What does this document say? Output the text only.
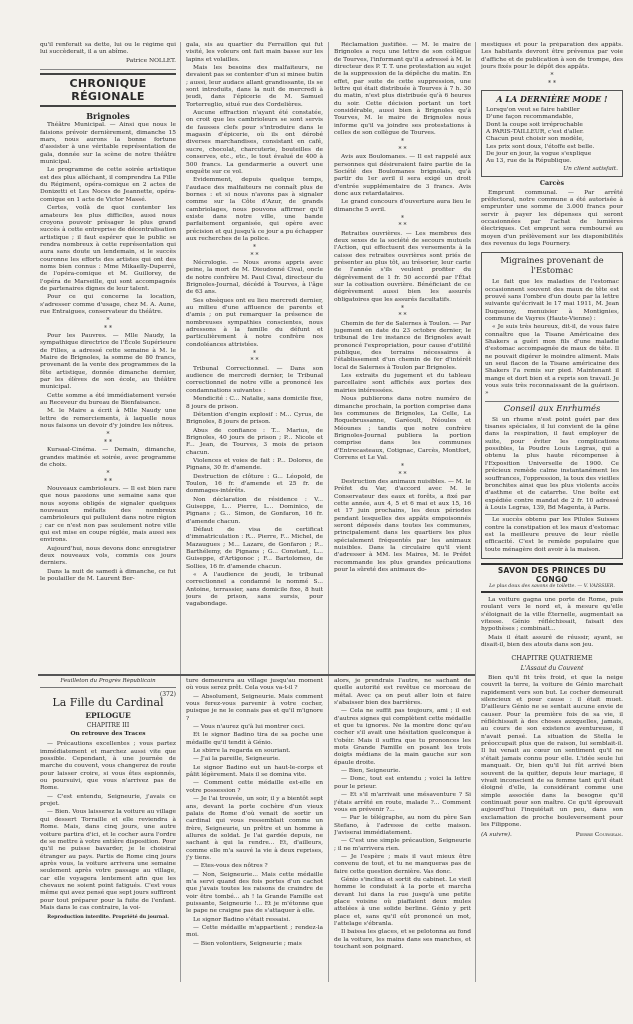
qu'il renferait sa dette, lui ou le régime qui lui succèderait, il a un abîme.

Patrice NOLLET.

CHRONIQUE RÉGIONALE
Brignoles

Théâtre Municipal. — Ainsi que nous le faisions prévoir dernièrement, dimanche 15 mars, nous aurons la bonne fortune d'assister à une véritable représentation de gala, donnée sur la scène de notre théâtre municipal.

Le programme de cette soirée artistique est des plus alléchant, il comprendra La Fille du Régiment, opéra-comique en 2 actes de Donizetti et Les Noces de Jeannette, opéra-comique en 1 acte de Victor Massé.

Certes, voilà de quoi contenter les amateurs les plus difficiles, aussi nous croyons pouvoir présager le plus grand succès à cette entreprise de décentralisation artistique ; il faut espérer que le public se rendra nombreux à cette représentation qui aura sans doute un lendemain, si le succès couronne les efforts des artistes qui ont des noms bien connus : Mme Mikaelly-Duperré, de l'opéra-comique et M. Guillorey, de l'opéra de Marseille, qui sont accompagnés de partenaires dignes de leur talent.

Pour ce qui concerne la location, s'adresser comme d'usage, chez M. A. Aune, rue Entraigues, conservateur du théâtre.

*
* *

Pour les Pauvres. — Mlle Naudy, la sympathique directrice de l'École Supérieure de Filles, a adressé cette semaine à M. le Maire de Brignoles, la somme de 80 francs, provenant de la vente des programmes de la fête artistique, donnée dimanche dernier, par les élèves de son école, au théâtre municipal.

Cette somme a été immédiatement versée au Receveur du bureau de Bienfaisance.

M. le Maire a écrit à Mlle Naudy une lettre de remerciements, à laquelle nous nous faisons un devoir d'y joindre les nôtres.

*
* *

Kursaal-Cinéma. — Demain, dimanche, grandes matinée et soirée, avec programme de choix.

*
* *

Nouveaux cambrioleurs. — Il est bien rare que nous passions une semaine sans que nous soyons obligés de signaler quelques nouveaux méfaits des nombreux cambrioleurs qui pullulent dans notre région ; car ce n'est non pas seulement notre ville qui est mise en coupe réglée, mais aussi ses environs.

Aujourd'hui, nous devons donc enregistrer deux nouveaux vols, commis ces jours derniers.

Dans la nuit de samedi à dimanche, ce fut le poulailler de M. Laurent Ber-

gala, sis au quartier du Ferraillon qui fut visité, les voleurs ont fait main basse sur les lapins et volailles.

Mais les besoins des malfaiteurs, ne devaient pas se contenter d'un si minee butin ; aussi, leur audace allant grandissante, ils se sont introduits, dans la nuit de mercredi à jeudi, dans l'épicerie de M. Samuel Torterreglio, situé rue des Cordelières.

Aucune effraction n'ayant été constatée, on croit que les cambrioleurs se sont servis de fausses clefs pour s'introduire dans le magasin d'épicerie, où ils ont dérobé diverses marchandises, consistant en café, sucre, chocolat, charcuterie, bouteilles de conserves, etc., etc., le tout évalué de 400 à 500 francs. La gendarmerie a ouvert une enquête sur ce vol.

Evidemment, depuis quelque temps, l'audace des malfaiteurs ne connaît plus de bornes : et si nous n'avons pas à signaler comme sur la Côte d'Azur, de grands cambriolages, nous pouvons affirmer qu'il existe dans notre ville, une bande parfaitement organisée, qui opère avec précision et qui jusqu'à ce jour a pu échapper aux recherches de la police.

*
* *

Nécrologie. — Nous avons appris avec peine, la mort de M. Dieudonné Cival, oncle de notre confrère M. Paul Cival, directeur du Brignoles-Journal, décédé à Tourves, à l'âge de 63 ans.

Ses obsèques ont eu lieu mercredi dernier, au milieu d'une affluence de parents et d'amis ; on put remarquer la présence de nombreuses sympathies conscientes, nous adressons à la famille du défunt et particulièrement à notre confrère nos condoléances attristées.

*
* *

Tribunal Correctionnel. — Dans son audience de mercredi dernier, le Tribunal correctionnel de notre ville a prononcé les condamnations suivantes :

Mendicité : C... Natalie, sans domicile fixe, 8 jours de prison.

Détention d'engin explosif : M... Cyrus, de Brignoles, 8 jours de prison.

Abus de confiance : T... Marius, de Brignoles, 40 jours de prison ; P... Nicole et F... Jean, de Tourves, 3 mois de prison chacun.

Violences et voies de fait : P... Dolores, de Pignans, 30 fr. d'amende.

Destruction de clôture : G... Léopold, de Toulon, 16 fr. d'amende et 25 fr. de dommages-intérêts.

Non déclaration de résidence : V... Guiseppe, L... Pierre, L... Dominico, de Pignans ; G... Simon, de Gonfaron, 16 fr. d'amende chacun.

Défaut de visa de certificat d'immatriculation : R... Pierre, F... Michel, de Mazaugues ; M... Lazare, de Gonfaron ; P... Barthélemy, de Pignans ; G... Constant, L... Guiseppe, d'Artigonoc ; F... Bartolomeo, de Sollies, 16 fr. d'amende chacun.

« A l'audience de jeudi, le tribunal correctionnel a condamné le nommé S... Antoine, terrassier, sans domicile fixe, 8 huit jours de prison, sans sursis, pour vagabondage.

Réclamation justifiée. — M. le maire de Brignoles a reçu une lettre de son collègue de Tourves, l'informant qu'il a adressé à M. le directeur des P. T. T. une protestation au sujet de la suppression de la dépêche du matin. En effet, par suite de cette suppression, une lettre qui était distribuée à Tourves à 7 h. 30 du matin, n'est plus distribuée qu'à 6 heures du soir. Cette décision portant un tort considérable, aussi bien à Brignoles qu'à Tourves, M. le maire de Brignoles nous informe qu'il va joindre ses protestations à celles de son collègue de Tourves.

*
* *

Avis aux Boulomanes. — Il est rappelé aux personnes qui désireraient faire partie de la Société des Boulomanes brignolais, qu'à partir du 1er avril il sera exigé un droit d'entrée supplémentaire de 3 francs. Avis donc aux retardataires.

Le grand concours d'ouverture aura lieu le dimanche 5 avril.

*
* *

Retraites ouvrières. — Les membres des deux sexes de la société de secours mutuels l'Action, qui effectuent des versements à la caisse des retraites ouvrières sont priés de présenter au plus tôt, au trésorier, leur carte de l'année s'ils veulent profiter du dégrèvement de 1 fr. 50 accordé par l'État sur la cotisation ouvrière. Bénéficiant de ce dégrèvement aussi bien les assurés obligatoires que les assurés facultatifs.

*
* *

Chemin de fer de Salernes à Toulon. — Par jugement en date du 23 octobre dernier, le tribunal de 1re instance de Brignoles avait prononcé l'expropriation, pour cause d'utilité publique, des terrains nécessaires à l'établissement d'un chemin de fer d'intérêt local de Salernes à Toulon par Brignoles.

Les extraits du jugement et du tableau parcellaire sont affichés aux portes des mairies intéressées.

Nous publierons dans notre numéro de dimanche prochain, la portion comprise dans les communes de Brignoles, La Celle, La Roquebrussanne, Garéoult, Néoules et Méounes ; tandis que notre confrère Brignoles-Journal publiera la portion comprise dans les communes d'Entrecasteaux, Cotignac, Carcès, Montfort, Correns et Le Val.

*
* *

Destruction des animaux nuisibles. — M. le Préfet du Var, d'accord avec M. le Conservateur des eaux et forêts, a fixé par cette année, aux 4, 5 et 6 mai et aux 15, 16 et 17 juin prochains, les deux périodes pendant lesquelles des appâts empoisonnés seront déposés dans toutes les communes, principalement dans les quartiers les plus spécialement fréquentés par les animaux nuisibles. Dans la circulaire qu'il vient d'adresser à MM. les Maires, M. le Préfet recommande les plus grandes précautions pour la sûreté des animaux do-

mestiques et pour la préparation des appâts. Les habitants devront être prévenus par voie d'affiche et de publication à son de trompe, des jours fixés pour le dépôt des appâts.

*
* *
A LA DERNIÈRE MODE !
Lorsqu'on veut se faire habiller
D'une façon recommandable,
Dont la coupe soit irréprochable
A PARIS-TAILLEUR, c'est d'aller.
Chacun peut choisir son modèle,
Les prix sont doux, l'étoffe est belle.
De jour en jour, la vogue s'explique
Au 13, rue de la République.
Un client satisfait.
Carcès

Emprunt communal. — Par arrêté préfectoral, notre commune a été autorisée à emprunter une somme de 3.000 francs pour servir à payer les dépenses qui seront occasionnées par l'achat de lumières électriques. Cet emprunt sera remboursé au moyen d'un prélèvement sur les disponibilités des revenus du legs Fournery.

Migraines provenant de l'Estomac

Le fait que les maladies de l'estomac occasionnent souvent des maux de tête est prouvé sans l'ombre d'un doute par la lettre suivante qu'écrivait le 17 mai 1911, M. Jean Duquenoy, menuisier à Montignies, commune de Vayres (Haute-Vienne) :

« Je suis très heureux, dit-il, de vous faire connaître que la Tisane Américaine des Shakers a guéri mon fils d'une maladie d'estomac accompagnée de maux de tête. Il ne pouvait digérer le moindre aliment. Mais un seul flacon de la Tisane américaine des Shakers l'a remis sur pied. Maintenant il mange et dort bien et a repris son travail. Je vous suis très reconnaissant de la guérison. »

Conseil aux Enrhumés

Si un rhume n'est point guéri par des tisanes spéciales, il lui convient de la gêne dans la respiration, il faut employer de suite, pour éviter les complications possibles, la Poudre Louis Legras, qui a obtenu la plus haute récompense à l'Exposition Universelle de 1900. Ce précieux remède calme instantanément les souffrances, l'oppression, la toux des vieilles bronchites ainsi que les plus violents accès d'asthme et de catarrhe. Une boîte est expédiée contre mandat de 2 fr. 10 adressé à Louis Legras, 139, Bd Magenta, à Paris.

Le succès obtenu par les Pilules Suisses contre la constipation et les maux d'estomac est la meilleure preuve de leur réelle efficacité. C'est le remède populaire que toute ménagère doit avoir à la maison.

SAVON DES PRINCES DU CONGO
Le plus doux des savons de toilette. — V. VAISSIER.

La voiture gagna une porte de Rome, puis roulant vers le nord et, à mesure qu'elle s'éloignait de la ville Éternelle, augmentait sa vitesse. Génio réfléchissait, faisait des hypothèses ; combinait...

Mais il était assuré de réussir, ayant, se disait-il, bien des atouts dans son jeu.

CHAPITRE QUATRIEME
L'Assaut du Couvent

Bien qu'il fit très froid, et que la neige couvrit la terre, la voiture de Génio marchait rapidement vers son but. Le cocher demeurait silencieux et pour cause : il était muet. D'ailleurs Génio ne se sentait aucune envie de causer. Pour la première fois de sa vie, il réfléchissait à des choses auxquelles, jamais, au cours de son existence aventureuse, il n'avait pensé. La situation de Stella le préoccupait plus que de raison, lui semblait-il. Il lui venait au cœur un sentiment qu'il ne s'était jamais connu pour elle. L'idée seule lui manquait. Or, bien qu'il lui fût arrivé bien souvent de la quitter, depuis leur mariage, il vivait inconscient de sa femme tant qu'il était éloigné d'elle, la considérant comme une simple associée dans la besogne qu'il continuait pour son maître. Ce qu'il éprouvait aujourd'hui l'inquiétait un peu, dans son exclamation de proche bouleversement pour les Filippone.

(A suivre).	Pierre Coursean.
Feuilleton du Progrès Républicain
(372)
La Fille du Cardinal
EPILOGUE
CHAPITRE III
On retrouve des Traces

— Précautions excellentes ; vous partez immédiatement et marchez aussi vite que possible. Cependant, à une journée de marche du couvent, vous changerez de route pour laisser croire, si vous êtes espionnés, ou poursuivi, que vous n'arrivez pas de Rome.

— C'est entendu, Seigneurie, j'avais ce projet.

— Bien. Vous laisserez la voiture au village qui dessert Torraille et elle reviendra à Rome. Mais, dans cinq jours, une autre voiture partira d'ici, et le cocher aura l'ordre de se mettre à votre entière disposition. Pour qu'il ne puisse bavarder, je le choisirai étranger au pays. Partis de Rome cinq jours après vous, la voiture arrivera une semaine seulement après votre passage au village, car elle voyagera lentement afin que les chevaux ne soient point fatigués. C'est vous même qui avez pensé que sept jours suffiront pour tout préparer pour la fuite de l'enfant. Mais dans le cas contraire, la voi-

Reproduction interdite. Propriété du journal.

ture demeurera au village jusqu'au moment où vous serez prêt. Cela vous va-t-il ?

— Absolument, Seigneurie. Mais comment vous ferez-vous parvenir à votre cocher, puisque je ne le connais pas et qu'il m'ignore ?

— Vous n'aurez qu'à lui montrer ceci.

Et le signor Badino tira de sa poche une médaille qu'il tendit à Génio.

Le sbirre la regarda en souriant.

— J'ai la pareille, Seigneurie.

Le signor Badino eut un haut-le-corps et pâlit légèrement. Mais il se domina vite.

— Comment cette médaille est-elle en votre possession ?

— Je l'ai trouvée, un soir, il y a bientôt sept ans, devant la porte cochère d'un vieux palais de Rome d'où venait de sortir un cardinal qui vous ressemblait comme un frère, Seigneurie, un prêtre et un homme à allures de soldat. Je l'ai gardée depuis, ne sachant à qui la rendre... Et, d'ailleurs, comme elle m'a sauvé la vie à deux reprises, j'y tiens.

— Etes-vous des nôtres ?

— Non, Seigneurie... Mais cette médaille m'a servi quand des fois portes d'un cachot que j'avais toutes les raisons de craindre de voir être tombé... ah ! la Grande Famille est puissante, Seigneurie !... Et je m'étonne que le pape ne craigne pas de s'attaquer à elle.

Le signor Badino s'était ressaisi.

— Cette médaille m'appartient ; rendez-la moi.

— Bien volontiers, Seigneurie ; mais

alors, je prendrais l'autre, ne sachant de quelle autorité est revêtue ce morceau de métal. Avec ça on peut aller loin et faire s'abaisser bien des barrières.

— Cela ne suffit pas toujours, ami ; il est d'autres signes qui complètent cette médaille et que tu ignores. Ne la montre donc qu'au cocher s'il avait une hésitation quelconque à t'obéir. Mais il suffira que tu prononces les mots Grande Famille en posant les trois doigts médians de la main gauche sur son épaule droite.

— Bien, Seigneurie.

— Donc, tout est entendu ; voici la lettre pour le prieur.

— Et s'il m'arrivait une mésaventure ? Si j'étais arrêté en route, malade ?... Comment vous en prévenir ?...

— Par le télégraphe, au nom du père San Stefano, à l'adresse de cette maison. J'aviserai immédiatement.

— C'est une simple précaution, Seigneurie ; il ne m'arrivera rien.

— Je l'espère ; mais il vaut mieux être convenu de tout, et tu ne manqueras pas de faire cette question dernière. Vas donc.

Génio s'inclina et sortit du cabinet. Le vieil homme le conduisit à la porte et marcha devant lui dans la rue jusqu'à une petite place voisine où piaffaient deux mules attelées à une solide berline. Génio y prit place et, sans qu'il eût prononcé un mot, l'attelage s'ébranla.

Il baissa les glaces, et se pelotonna au fond de la voiture, les mains dans ses manches, et touchant son poignard.
